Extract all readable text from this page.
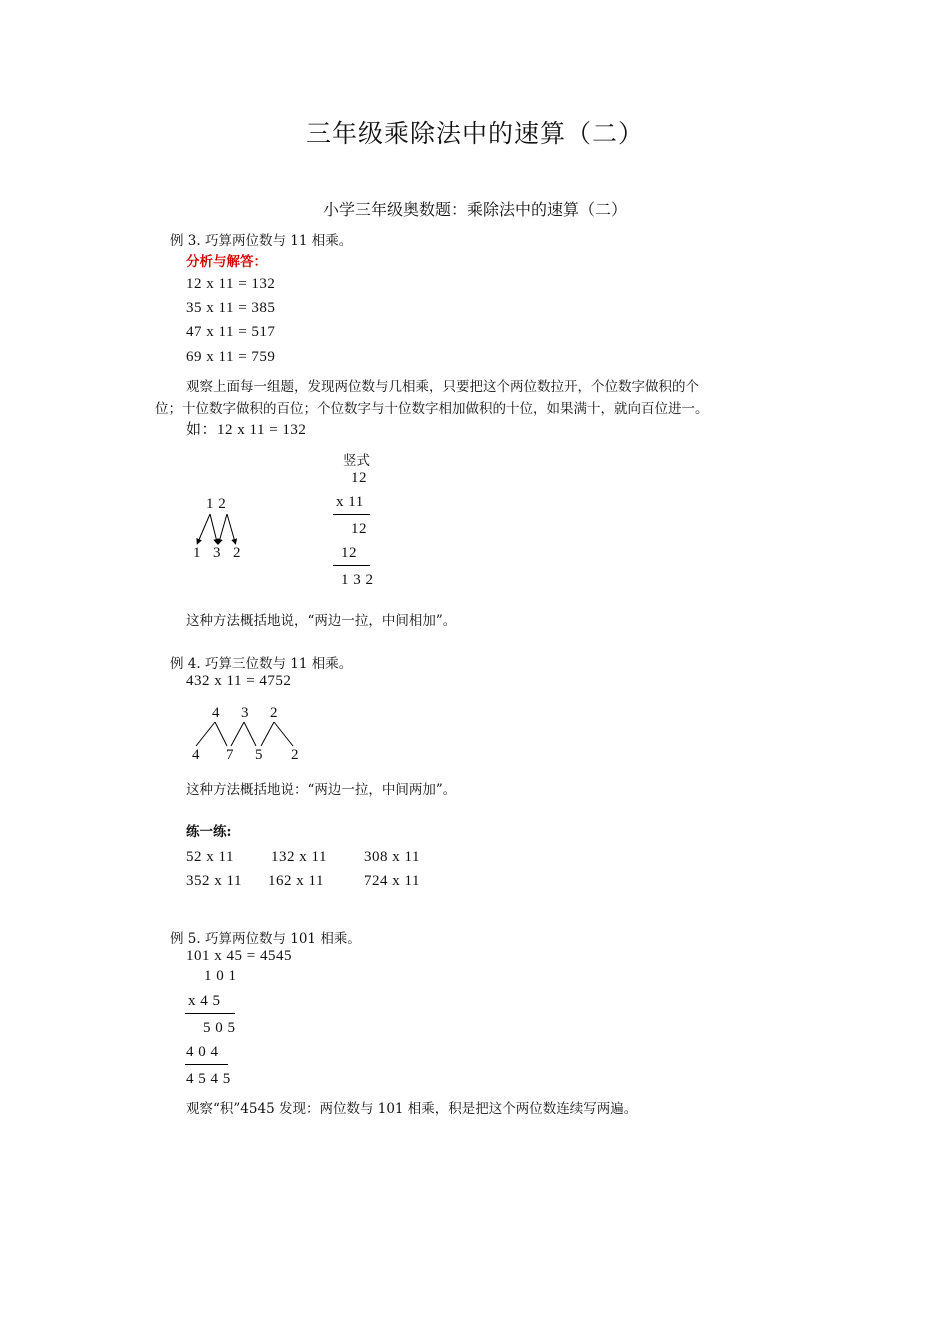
三年级乘除法中的速算（二）
小学三年级奥数题：乘除法中的速算（二）
例 3. 巧算两位数与 11 相乘。
分析与解答：
12 x 11 = 132
35 x 11 = 385
47 x 11 = 517
69 x 11 = 759
观察上面每一组题，发现两位数与几相乘，只要把这个两位数拉开，个位数字做积的个
位；十位数字做积的百位；个位数字与十位数字相加做积的十位，如果满十，就向百位进一。
如：12 x 11 = 132
1 2
1 3 2
竖式
12
x 11
12
12
1 3 2
这种方法概括地说，“两边一拉，中间相加”。
例 4. 巧算三位数与 11 相乘。
432 x 11 = 4752
4 3 2
4 7 5 2
这种方法概括地说：“两边一拉，中间两加”。
练一练:
52 x 11 132 x 11 308 x 11
352 x 11 162 x 11	724 x 11
例 5. 巧算两位数与 101 相乘。
101 x 45 = 4545
1 0 1
x 4 5
5 0 5
4 0 4
4 5 4 5
观察“积”4545 发现：两位数与 101 相乘，积是把这个两位数连续写两遍。
